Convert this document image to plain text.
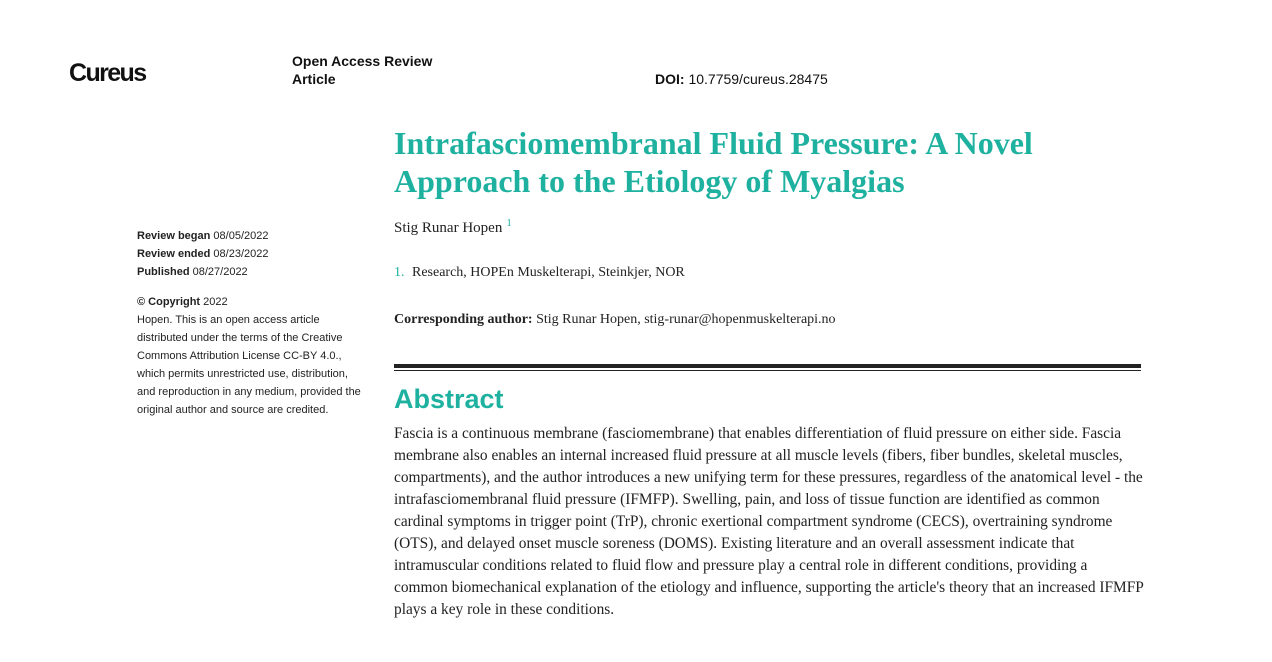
Cureus	Open Access Review Article	DOI: 10.7759/cureus.28475
Intrafasciomembranal Fluid Pressure: A Novel Approach to the Etiology of Myalgias
Stig Runar Hopen $^1$
1. Research, HOPEn Muskelterapi, Steinkjer, NOR
Corresponding author: Stig Runar Hopen, stig-runar@hopenmuskelterapi.no
Abstract

Fascia is a continuous membrane (fasciomembrane) that enables differentiation of fluid pressure on either side. Fascia membrane also enables an internal increased fluid pressure at all muscle levels (fibers, fiber bundles, skeletal muscles, compartments), and the author introduces a new unifying term for these pressures, regardless of the anatomical level - the intrafasciomembranal fluid pressure (IFMFP). Swelling, pain, and loss of tissue function are identified as common cardinal symptoms in trigger point (TrP), chronic exertional compartment syndrome (CECS), overtraining syndrome (OTS), and delayed onset muscle soreness (DOMS). Existing literature and an overall assessment indicate that intramuscular conditions related to fluid flow and pressure play a central role in different conditions, providing a common biomechanical explanation of the etiology and influence, supporting the article's theory that an increased IFMFP plays a key role in these conditions.

Review began 08/05/2022
Review ended 08/23/2022
Published 08/27/2022
© Copyright 2022
Hopen. This is an open access article distributed under the terms of the Creative Commons Attribution License CC-BY 4.0., which permits unrestricted use, distribution, and reproduction in any medium, provided the original author and source are credited.
